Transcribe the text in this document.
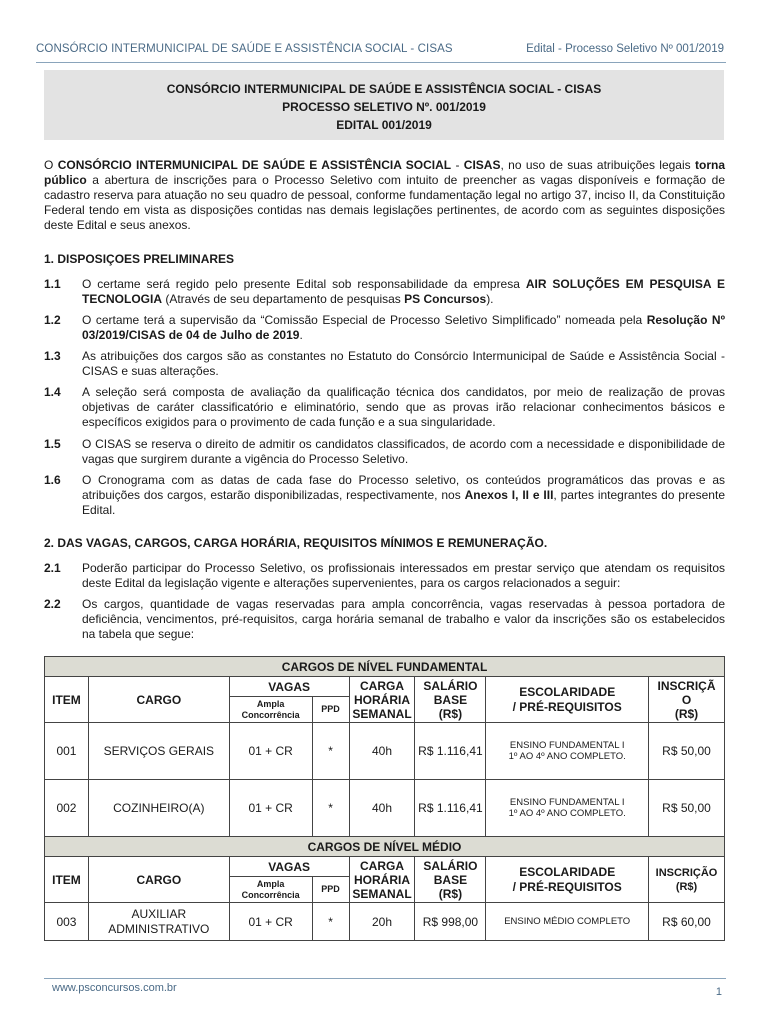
CONSÓRCIO INTERMUNICIPAL DE SAÚDE E ASSISTÊNCIA SOCIAL - CISAS	Edital - Processo Seletivo Nº 001/2019
CONSÓRCIO INTERMUNICIPAL DE SAÚDE E ASSISTÊNCIA SOCIAL - CISAS
PROCESSO SELETIVO Nº. 001/2019
EDITAL 001/2019
O CONSÓRCIO INTERMUNICIPAL DE SAÚDE E ASSISTÊNCIA SOCIAL - CISAS, no uso de suas atribuições legais torna público a abertura de inscrições para o Processo Seletivo com intuito de preencher as vagas disponíveis e formação de cadastro reserva para atuação no seu quadro de pessoal, conforme fundamentação legal no artigo 37, inciso II, da Constituição Federal tendo em vista as disposições contidas nas demais legislações pertinentes, de acordo com as seguintes disposições deste Edital e seus anexos.
1. DISPOSIÇOES PRELIMINARES
1.1 O certame será regido pelo presente Edital sob responsabilidade da empresa AIR SOLUÇÕES EM PESQUISA E TECNOLOGIA (Através de seu departamento de pesquisas PS Concursos).
1.2 O certame terá a supervisão da “Comissão Especial de Processo Seletivo Simplificado” nomeada pela Resolução Nº 03/2019/CISAS de 04 de Julho de 2019.
1.3 As atribuições dos cargos são as constantes no Estatuto do Consórcio Intermunicipal de Saúde e Assistência Social - CISAS e suas alterações.
1.4 A seleção será composta de avaliação da qualificação técnica dos candidatos, por meio de realização de provas objetivas de caráter classificatório e eliminatório, sendo que as provas irão relacionar conhecimentos básicos e específicos exigidos para o provimento de cada função e a sua singularidade.
1.5 O CISAS se reserva o direito de admitir os candidatos classificados, de acordo com a necessidade e disponibilidade de vagas que surgirem durante a vigência do Processo Seletivo.
1.6 O Cronograma com as datas de cada fase do Processo seletivo, os conteúdos programáticos das provas e as atribuições dos cargos, estarão disponibilizadas, respectivamente, nos Anexos I, II e III, partes integrantes do presente Edital.
2. DAS VAGAS, CARGOS, CARGA HORÁRIA, REQUISITOS MÍNIMOS E REMUNERAÇÃO.
2.1 Poderão participar do Processo Seletivo, os profissionais interessados em prestar serviço que atendam os requisitos deste Edital da legislação vigente e alterações supervenientes, para os cargos relacionados a seguir:
2.2 Os cargos, quantidade de vagas reservadas para ampla concorrência, vagas reservadas à pessoa portadora de deficiência, vencimentos, pré-requisitos, carga horária semanal de trabalho e valor da inscrições são os estabelecidos na tabela que segue:
CARGOS DE NÍVEL FUNDAMENTAL							
ITEM	CARGO	VAGAS		CARGA
HORÁRIA
SEMANAL	SALÁRIO
BASE
(R$)	ESCOLARIDADE
/ PRÉ-REQUISITOS	INSCRIÇÃ
O
(R$)
		Ampla
Concorrência	PPD				
001	SERVIÇOS GERAIS	01 + CR	*	40h	R$ 1.116,41	ENSINO FUNDAMENTAL I
1º AO 4º ANO COMPLETO.	R$ 50,00
002	COZINHEIRO(A)	01 + CR	*	40h	R$ 1.116,41	ENSINO FUNDAMENTAL I
1º AO 4º ANO COMPLETO.	R$ 50,00
CARGOS DE NÍVEL MÉDIO							
ITEM	CARGO	VAGAS		CARGA
HORÁRIA
SEMANAL	SALÁRIO
BASE
(R$)	ESCOLARIDADE
/ PRÉ-REQUISITOS	INSCRIÇÃO
(R$)
		Ampla
Concorrência	PPD				
003	AUXILIAR
ADMINISTRATIVO	01 + CR	*	20h	R$ 998,00	ENSINO MÉDIO COMPLETO	R$ 60,00
www.psconcursos.com.br	1
